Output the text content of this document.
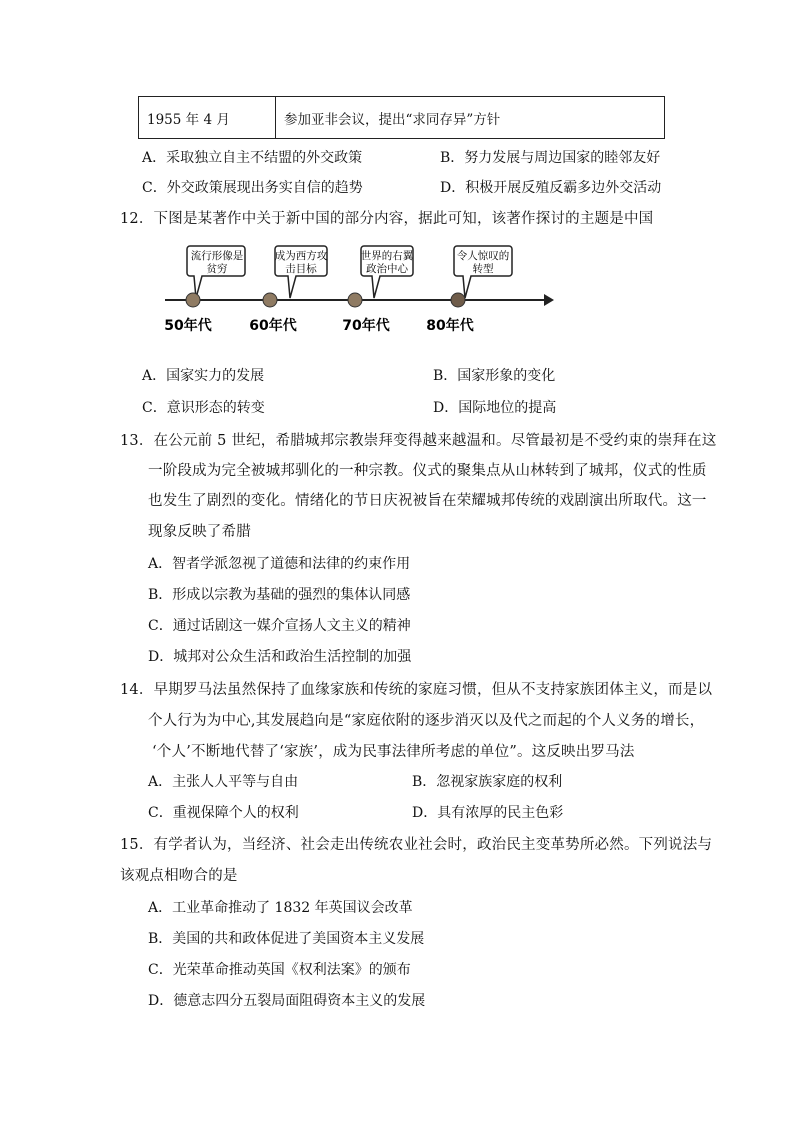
1955 年 4 月	参加亚非会议，提出“求同存异”方针
A．采取独立自主不结盟的外交政策	B．努力发展与周边国家的睦邻友好
C．外交政策展现出务实自信的趋势	D．积极开展反殖反霸多边外交活动
12．下图是某著作中关于新中国的部分内容，据此可知，该著作探讨的主题是中国
流行形像是
贫穷
成为西方攻
击目标
世界的右翼
政治中心
令人惊叹的
转型
50年代	60年代	70年代	80年代
A．国家实力的发展	B．国家形象的变化
C．意识形态的转变	D．国际地位的提高
13．在公元前 5 世纪，希腊城邦宗教崇拜变得越来越温和。尽管最初是不受约束的崇拜在这
一阶段成为完全被城邦驯化的一种宗教。仪式的聚集点从山林转到了城邦，仪式的性质
也发生了剧烈的变化。情绪化的节日庆祝被旨在荣耀城邦传统的戏剧演出所取代。这一
现象反映了希腊
A．智者学派忽视了道德和法律的约束作用
B．形成以宗教为基础的强烈的集体认同感
C．通过话剧这一媒介宣扬人文主义的精神
D．城邦对公众生活和政治生活控制的加强
14．早期罗马法虽然保持了血缘家族和传统的家庭习惯，但从不支持家族团体主义，而是以
个人行为为中心,其发展趋向是“家庭依附的逐步消灭以及代之而起的个人义务的增长，
‘个人’不断地代替了‘家族’，成为民事法律所考虑的单位”。这反映出罗马法
A．主张人人平等与自由	B．忽视家族家庭的权利
C．重视保障个人的权利	D．具有浓厚的民主色彩
15．有学者认为，当经济、社会走出传统农业社会时，政治民主变革势所必然。下列说法与
该观点相吻合的是
A．工业革命推动了 1832 年英国议会改革
B．美国的共和政体促进了美国资本主义发展
C．光荣革命推动英国《权利法案》的颁布
D．德意志四分五裂局面阻碍资本主义的发展
